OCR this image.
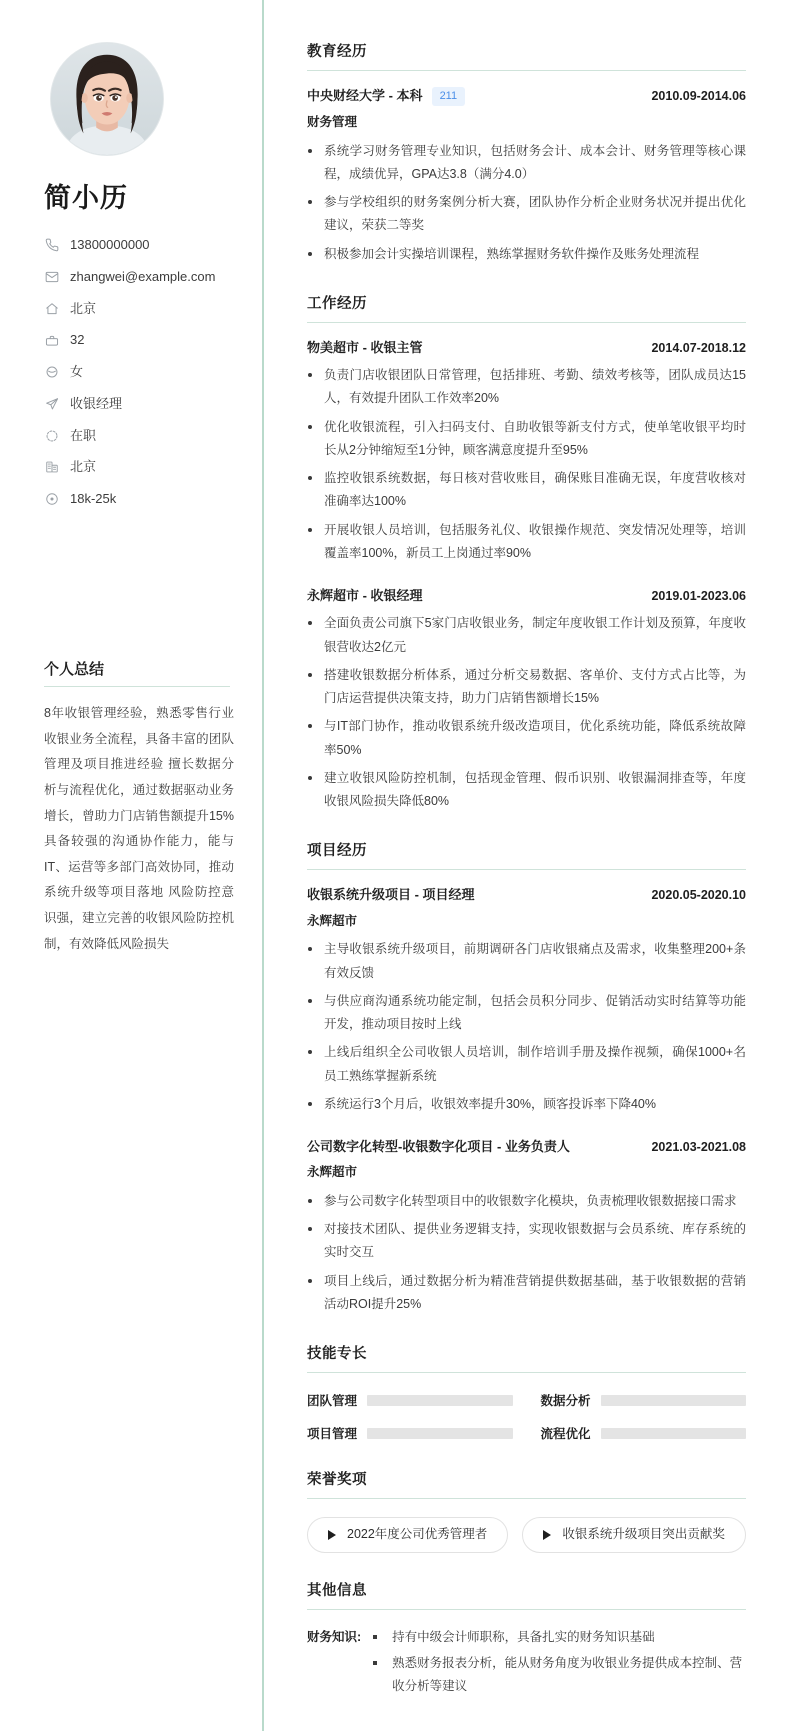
简小历
13800000000
zhangwei@example.com
北京
32
女
收银经理
在职
北京
18k-25k
个人总结

8年收银管理经验，熟悉零售行业收银业务全流程，具备丰富的团队管理及项目推进经验 擅长数据分析与流程优化，通过数据驱动业务增长，曾助力门店销售额提升15% 具备较强的沟通协作能力，能与IT、运营等多部门高效协同，推动系统升级等项目落地 风险防控意识强，建立完善的收银风险防控机制，有效降低风险损失

教育经历
中央财经大学 - 本科	211	2010.09-2014.06
财务管理
系统学习财务管理专业知识，包括财务会计、成本会计、财务管理等核心课程，成绩优异，GPA达3.8（满分4.0）
参与学校组织的财务案例分析大赛，团队协作分析企业财务状况并提出优化建议，荣获二等奖
积极参加会计实操培训课程，熟练掌握财务软件操作及账务处理流程
工作经历
物美超市 - 收银主管	2014.07-2018.12
负责门店收银团队日常管理，包括排班、考勤、绩效考核等，团队成员达15人，有效提升团队工作效率20%
优化收银流程，引入扫码支付、自助收银等新支付方式，使单笔收银平均时长从2分钟缩短至1分钟，顾客满意度提升至95%
监控收银系统数据，每日核对营收账目，确保账目准确无误，年度营收核对准确率达100%
开展收银人员培训，包括服务礼仪、收银操作规范、突发情况处理等，培训覆盖率100%，新员工上岗通过率90%
永辉超市 - 收银经理	2019.01-2023.06
全面负责公司旗下5家门店收银业务，制定年度收银工作计划及预算，年度收银营收达2亿元
搭建收银数据分析体系，通过分析交易数据、客单价、支付方式占比等，为门店运营提供决策支持，助力门店销售额增长15%
与IT部门协作，推动收银系统升级改造项目，优化系统功能，降低系统故障率50%
建立收银风险防控机制，包括现金管理、假币识别、收银漏洞排查等，年度收银风险损失降低80%
项目经历
收银系统升级项目 - 项目经理	2020.05-2020.10
永辉超市
主导收银系统升级项目，前期调研各门店收银痛点及需求，收集整理200+条有效反馈
与供应商沟通系统功能定制，包括会员积分同步、促销活动实时结算等功能开发，推动项目按时上线
上线后组织全公司收银人员培训，制作培训手册及操作视频，确保1000+名员工熟练掌握新系统
系统运行3个月后，收银效率提升30%，顾客投诉率下降40%
公司数字化转型-收银数字化项目 - 业务负责人	2021.03-2021.08
永辉超市
参与公司数字化转型项目中的收银数字化模块，负责梳理收银数据接口需求
对接技术团队、提供业务逻辑支持，实现收银数据与会员系统、库存系统的实时交互
项目上线后，通过数据分析为精准营销提供数据基础，基于收银数据的营销活动ROI提升25%
技能专长
团队管理	数据分析
项目管理	流程优化
荣誉奖项
2022年度公司优秀管理者	收银系统升级项目突出贡献奖
其他信息
财务知识:	持有中级会计师职称，具备扎实的财务知识基础
熟悉财务报表分析，能从财务角度为收银业务提供成本控制、营收分析等建议
